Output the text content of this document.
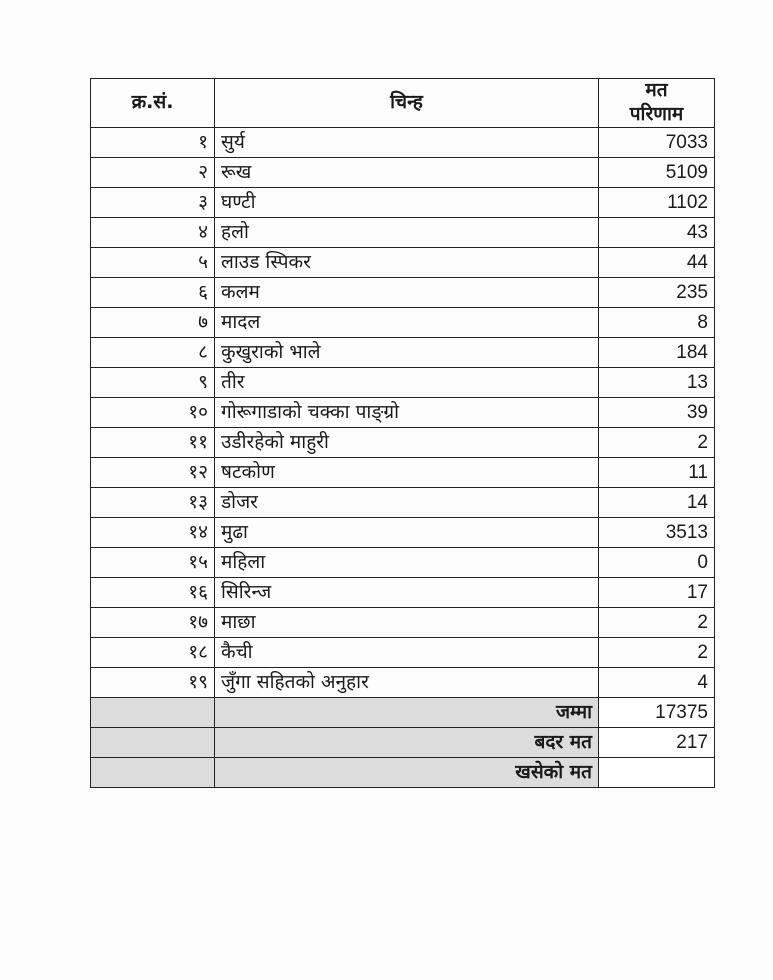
क्र.सं.	चिन्ह	मत
परिणाम

१	सुर्य	7033
२	रूख	5109
३	घण्टी	1102
४	हलो	43
५	लाउड स्पिकर	44
६	कलम	235
७	मादल	8
८	कुखुराको भाले	184
९	तीर	13
१०	गोरूगाडाको चक्का पाङ्ग्रो	39
११	उडीरहेको माहुरी	2
१२	षटकोण	11
१३	डोजर	14
१४	मुढा	3513
१५	महिला	0
१६	सिरिन्ज	17
१७	माछा	2
१८	कैची	2
१९	जुँगा सहितको अनुहार	4
	जम्मा	17375
	बदर मत	217
	खसेको मत	
